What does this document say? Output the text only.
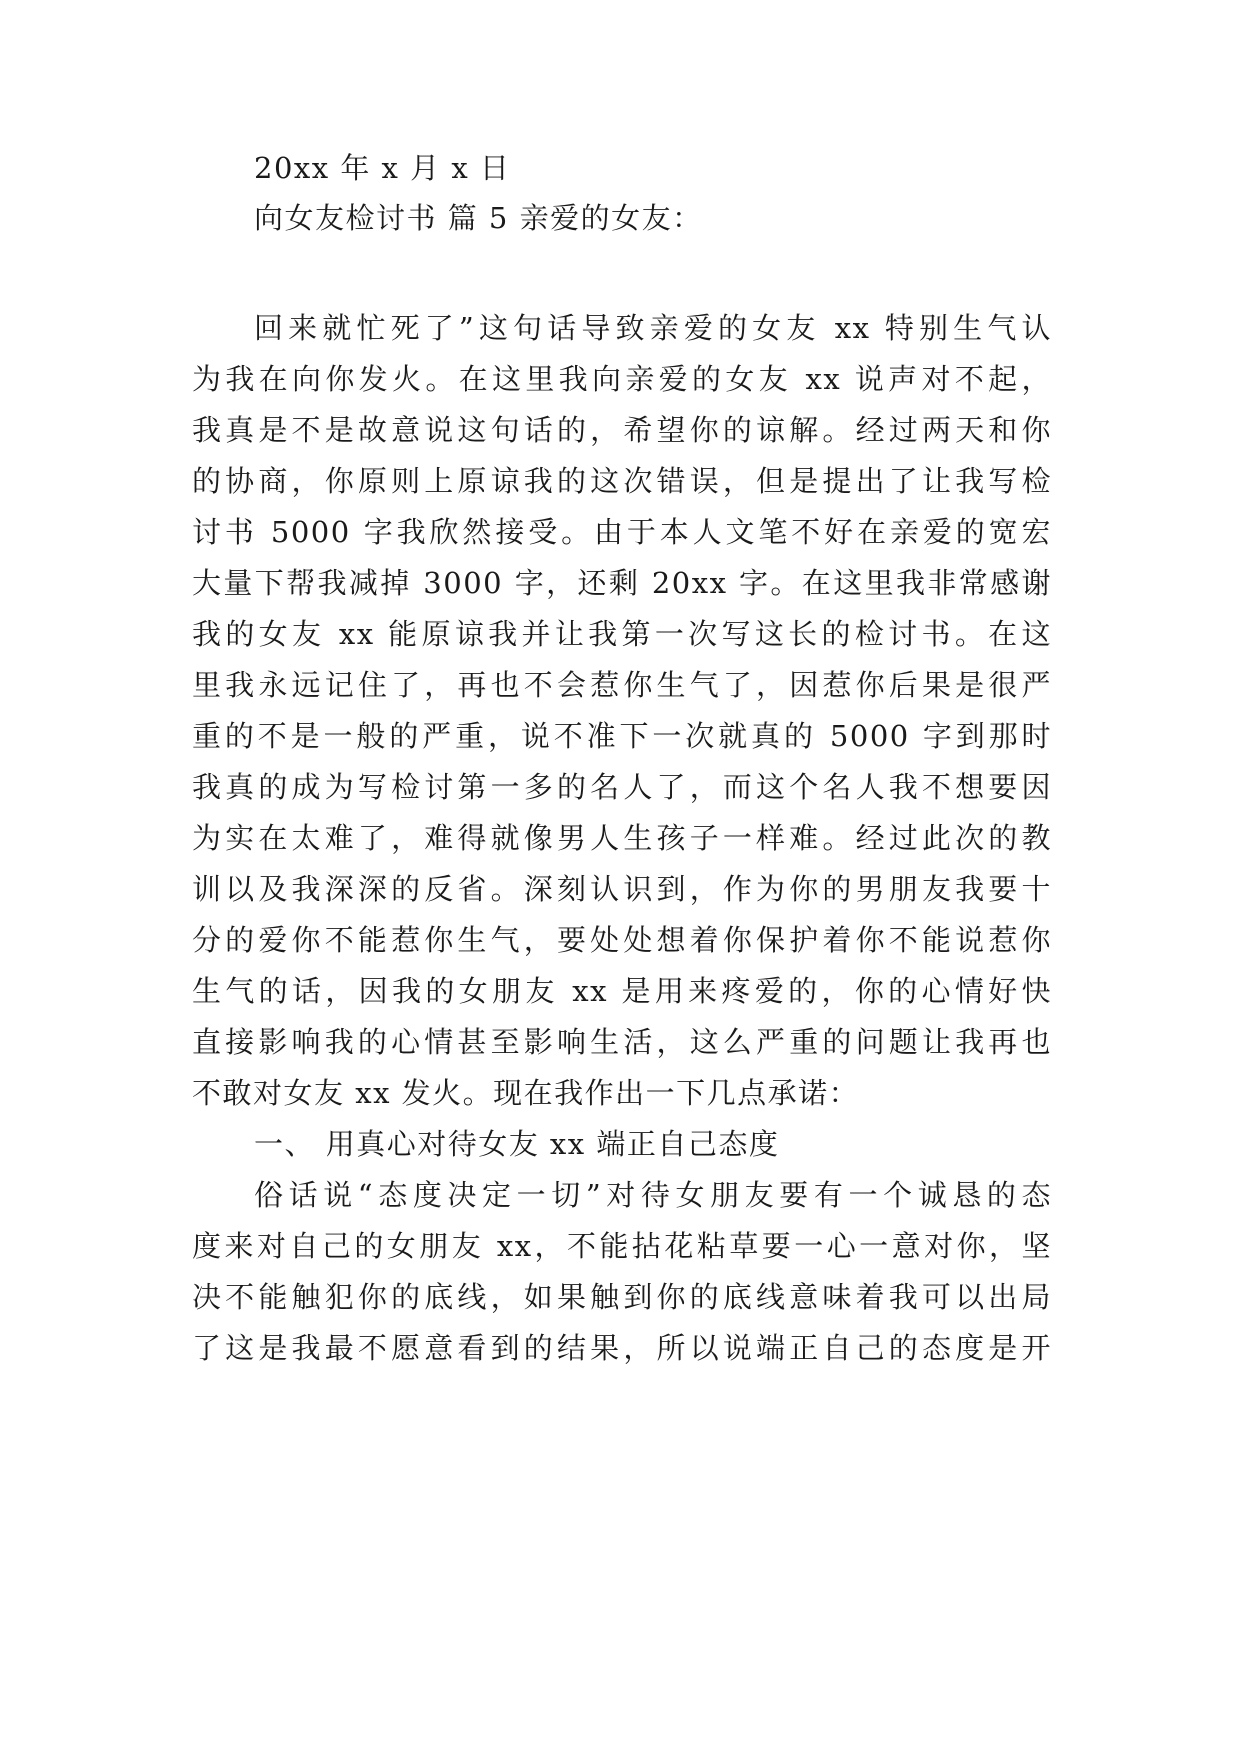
20xx 年 x 月 x 日
向女友检讨书 篇 5 亲爱的女友：
回来就忙死了”这句话导致亲爱的女友 xx 特别生气认
为我在向你发火。在这里我向亲爱的女友 xx 说声对不起，
我真是不是故意说这句话的，希望你的谅解。经过两天和你
的协商，你原则上原谅我的这次错误，但是提出了让我写检
讨书 5000 字我欣然接受。由于本人文笔不好在亲爱的宽宏
大量下帮我减掉 3000 字，还剩 20xx 字。在这里我非常感谢
我的女友 xx 能原谅我并让我第一次写这长的检讨书。在这
里我永远记住了，再也不会惹你生气了，因惹你后果是很严
重的不是一般的严重，说不准下一次就真的 5000 字到那时
我真的成为写检讨第一多的名人了，而这个名人我不想要因
为实在太难了，难得就像男人生孩子一样难。经过此次的教
训以及我深深的反省。深刻认识到，作为你的男朋友我要十
分的爱你不能惹你生气，要处处想着你保护着你不能说惹你
生气的话，因我的女朋友 xx 是用来疼爱的，你的心情好快
直接影响我的心情甚至影响生活，这么严重的问题让我再也
不敢对女友 xx 发火。现在我作出一下几点承诺：
一、 用真心对待女友 xx 端正自己态度
俗话说“态度决定一切”对待女朋友要有一个诚恳的态
度来对自己的女朋友 xx，不能拈花粘草要一心一意对你，坚
决不能触犯你的底线，如果触到你的底线意味着我可以出局
了这是我最不愿意看到的结果，所以说端正自己的态度是开
